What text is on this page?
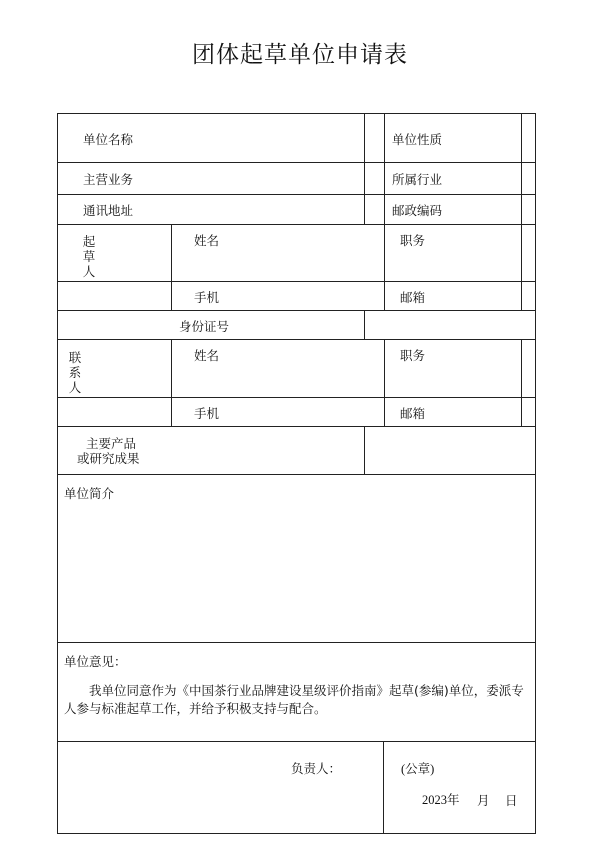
团体起草单位申请表
单位名称	单位性质
主营业务	所属行业
通讯地址	邮政编码
起草人
姓名	职务
手机	邮箱
身份证号
联系人
姓名	职务
手机	邮箱
主要产品
或研究成果
单位简介
单位意见：
我单位同意作为《中国茶行业品牌建设星级评价指南》起草(参编)单位，委派专人参与标准起草工作，并给予积极支持与配合。
负责人：	(公章)
2023年 月 日
